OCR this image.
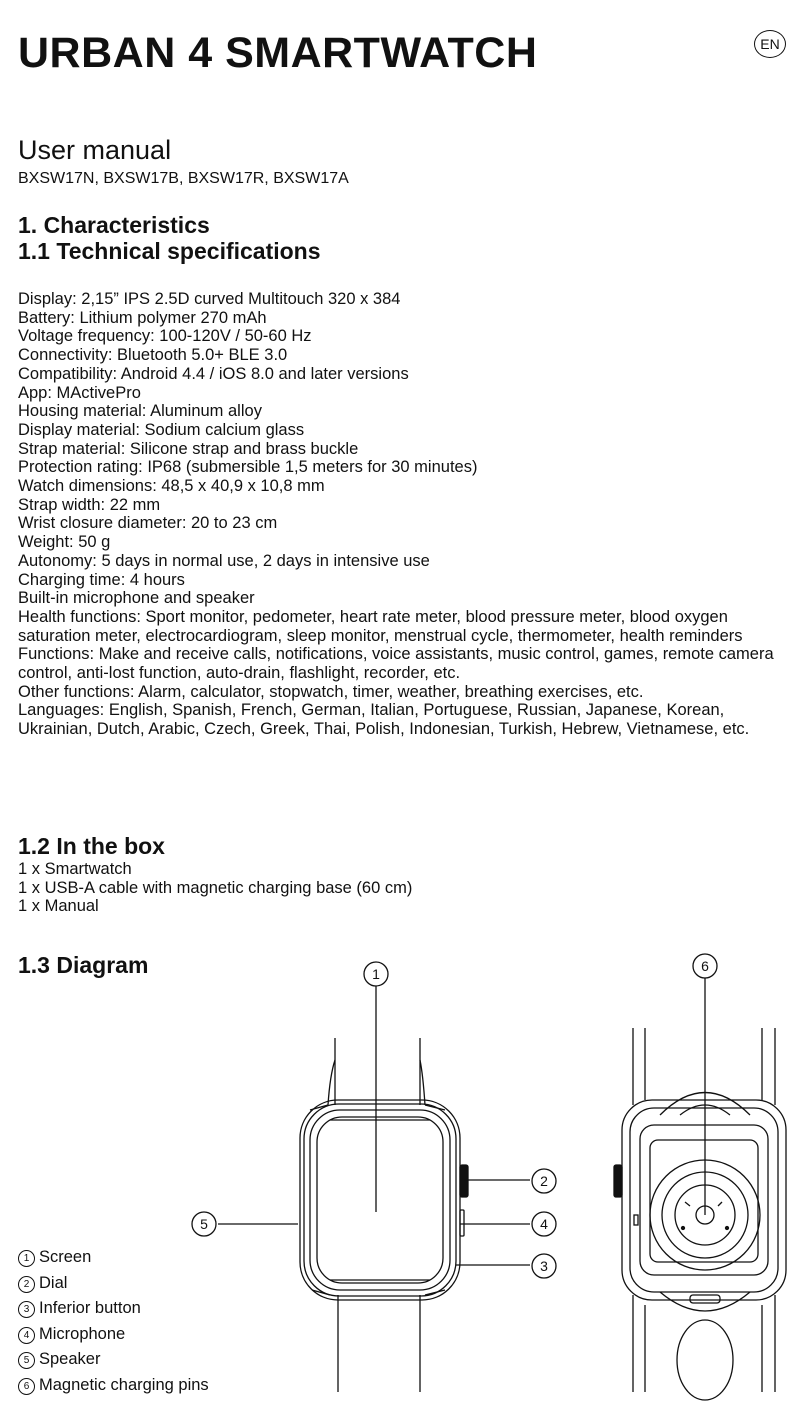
URBAN 4 SMARTWATCH	EN
User manual

BXSW17N, BXSW17B, BXSW17R, BXSW17A

1. Characteristics
1.1 Technical specifications
Display: 2,15” IPS 2.5D curved Multitouch 320 x 384
Battery: Lithium polymer 270 mAh
Voltage frequency: 100-120V / 50-60 Hz
Connectivity: Bluetooth 5.0+ BLE 3.0
Compatibility: Android 4.4 / iOS 8.0 and later versions
App: MActivePro
Housing material: Aluminum alloy
Display material: Sodium calcium glass
Strap material: Silicone strap and brass buckle
Protection rating: IP68 (submersible 1,5 meters for 30 minutes)
Watch dimensions: 48,5 x 40,9 x 10,8 mm
Strap width: 22 mm
Wrist closure diameter: 20 to 23 cm
Weight: 50 g
Autonomy: 5 days in normal use, 2 days in intensive use
Charging time: 4 hours
Built-in microphone and speaker
Health functions: Sport monitor, pedometer, heart rate meter, blood pressure meter, blood oxygen saturation meter, electrocardiogram, sleep monitor, menstrual cycle, thermometer, health reminders
Functions: Make and receive calls, notifications, voice assistants, music control, games, remote camera control, anti-lost function, auto-drain, flashlight, recorder, etc.
Other functions: Alarm, calculator, stopwatch, timer, weather, breathing exercises, etc.
Languages: English, Spanish, French, German, Italian, Portuguese, Russian, Japanese, Korean, Ukrainian, Dutch, Arabic, Czech, Greek, Thai, Polish, Indonesian, Turkish, Hebrew, Vietnamese, etc.
1.2 In the box
1 x Smartwatch
1 x USB-A cable with magnetic charging base (60 cm)
1 x Manual
1.3 Diagram	1	6
2
4
3
5
1 Screen
2 Dial
3 Inferior button
4 Microphone
5 Speaker
6 Magnetic charging pins
